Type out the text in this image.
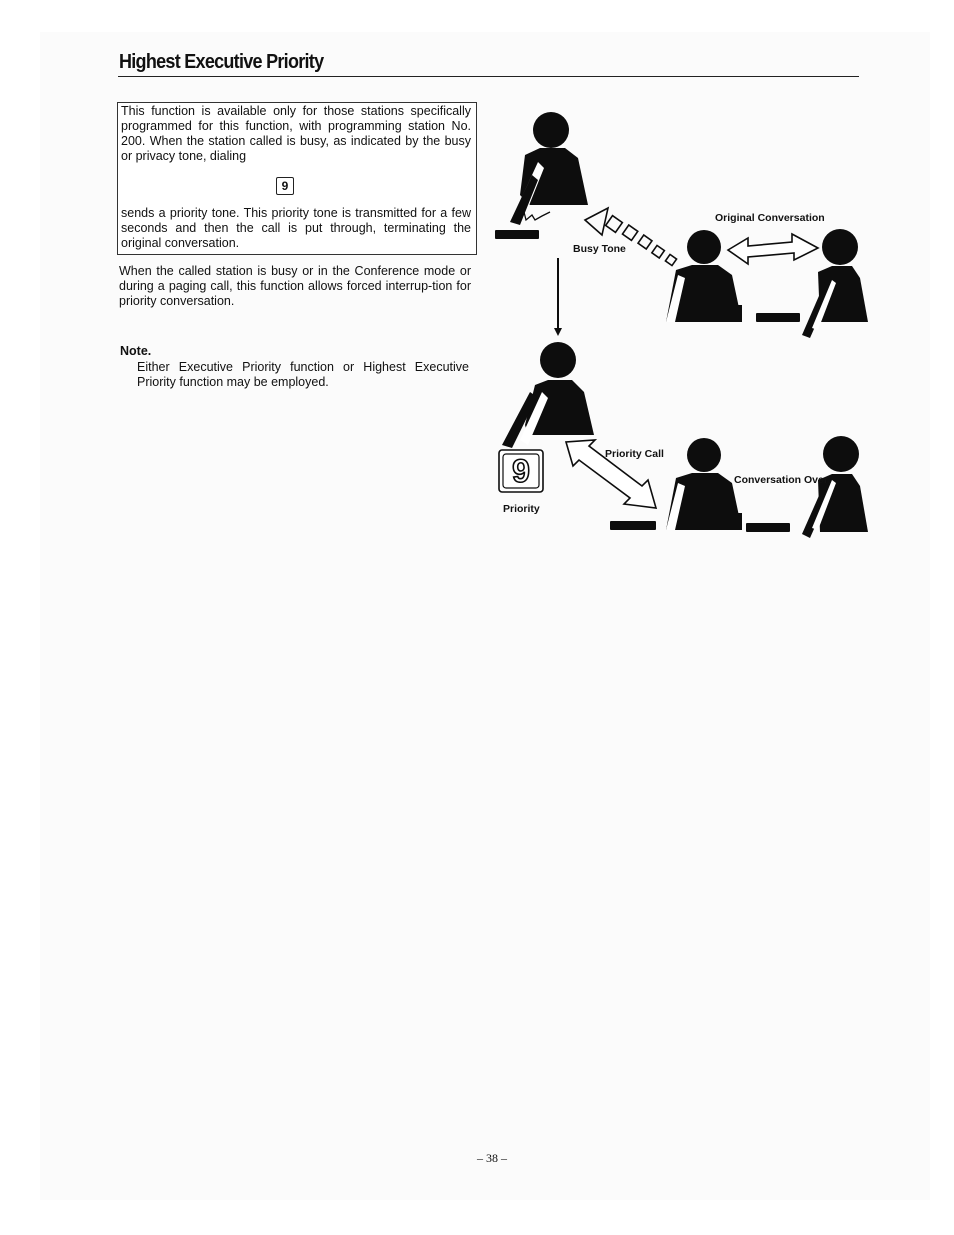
Highest Executive Priority

This function is available only for those stations specifically programmed for this function, with programming station No. 200. When the station called is busy, as indicated by the busy or privacy tone, dialing

9

sends a priority tone. This priority tone is transmitted for a few seconds and then the call is put through, terminating the original conversation.

When the called station is busy or in the Conference mode or during a paging call, this function allows forced interrup-tion for priority conversation.

Note.
Either Executive Priority function or Highest Executive Priority function may be employed.
9
Original Conversation
Busy Tone
Priority Call
Conversation Over
Priority
– 38 –
